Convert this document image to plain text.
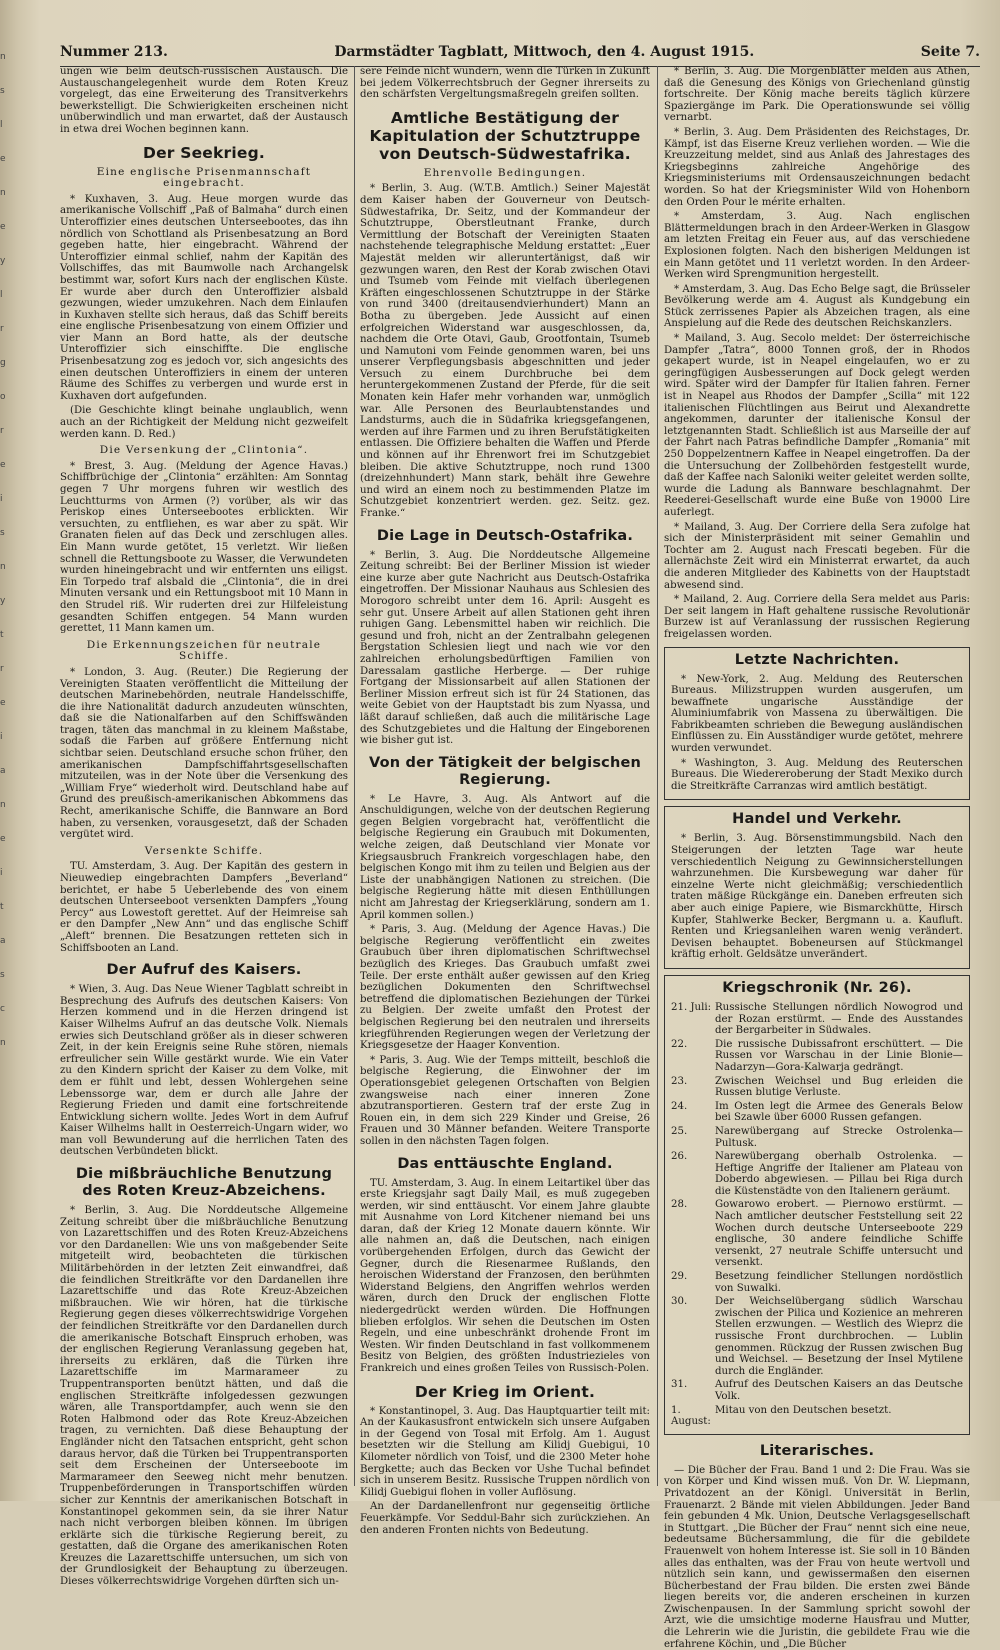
n
s
l
e
n
e
y
l
r
g
o
r
e
i
s
n
y
t
r
e
i
a
n
e
i
t
a
s
c
n
Nummer 213.	Darmstädter Tagblatt, Mittwoch, den 4. August 1915.	Seite 7.

ungen wie beim deutsch-russischen Austausch. Die Austauschangelegenheit wurde dem Roten Kreuz vorgelegt, das eine Erweiterung des Transitverkehrs bewerkstelligt. Die Schwierigkeiten erscheinen nicht unüberwindlich und man erwartet, daß der Austausch in etwa drei Wochen beginnen kann.

Der Seekrieg.
Eine englische Prisenmannschaft eingebracht.

* Kuxhaven, 3. Aug. Heue morgen wurde das amerikanische Vollschiff „Paß of Balmaha“ durch einen Unteroffizier eines deutschen Unterseebootes, das ihn nördlich von Schottland als Prisenbesatzung an Bord gegeben hatte, hier eingebracht. Während der Unteroffizier einmal schlief, nahm der Kapitän des Vollschiffes, das mit Baumwolle nach Archangelsk bestimmt war, sofort Kurs nach der englischen Küste. Er wurde aber durch den Unteroffizier alsbald gezwungen, wieder umzukehren. Nach dem Einlaufen in Kuxhaven stellte sich heraus, daß das Schiff bereits eine englische Prisenbesatzung von einem Offizier und vier Mann an Bord hatte, als der deutsche Unteroffizier sich einschiffte. Die englische Prisenbesatzung zog es jedoch vor, sich angesichts des einen deutschen Unteroffiziers in einem der unteren Räume des Schiffes zu verbergen und wurde erst in Kuxhaven dort aufgefunden.

(Die Geschichte klingt beinahe unglaublich, wenn auch an der Richtigkeit der Meldung nicht gezweifelt werden kann. D. Red.)

Die Versenkung der „Clintonia“.

* Brest, 3. Aug. (Meldung der Agence Havas.) Schiffbrüchige der „Clintonia“ erzählten: Am Sonntag gegen 7 Uhr morgens fuhren wir westlich des Leuchtturms von Armen (?) vorüber, als wir das Periskop eines Unterseebootes erblickten. Wir versuchten, zu entfliehen, es war aber zu spät. Wir Granaten fielen auf das Deck und zerschlugen alles. Ein Mann wurde getötet, 15 verletzt. Wir ließen schnell die Rettungsboote zu Wasser, die Verwundeten wurden hineingebracht und wir entfernten uns eiligst. Ein Torpedo traf alsbald die „Clintonia“, die in drei Minuten versank und ein Rettungsboot mit 10 Mann in den Strudel riß. Wir ruderten drei zur Hilfeleistung gesandten Schiffen entgegen. 54 Mann wurden gerettet, 11 Mann kamen um.

Die Erkennungszeichen für neutrale Schiffe.

* London, 3. Aug. (Reuter.) Die Regierung der Vereinigten Staaten veröffentlicht die Mitteilung der deutschen Marinebehörden, neutrale Handelsschiffe, die ihre Nationalität dadurch anzudeuten wünschten, daß sie die Nationalfarben auf den Schiffswänden tragen, täten das manchmal in zu kleinem Maßstabe, sodaß die Farben auf größere Entfernung nicht sichtbar seien. Deutschland ersuche schon früher, den amerikanischen Dampfschiffahrtsgesellschaften mitzuteilen, was in der Note über die Versenkung des „William Frye“ wiederholt wird. Deutschland habe auf Grund des preußisch-amerikanischen Abkommens das Recht, amerikanische Schiffe, die Bannware an Bord haben, zu versenken, vorausgesetzt, daß der Schaden vergütet wird.

Versenkte Schiffe.

TU. Amsterdam, 3. Aug. Der Kapitän des gestern in Nieuwediep eingebrachten Dampfers „Beverland“ berichtet, er habe 5 Ueberlebende des von einem deutschen Unterseeboot versenkten Dampfers „Young Percy“ aus Lowestoft gerettet. Auf der Heimreise sah er den Dampfer „New Ann“ und das englische Schiff „Aleft“ brennen. Die Besatzungen retteten sich in Schiffsbooten an Land.

Der Aufruf des Kaisers.

* Wien, 3. Aug. Das Neue Wiener Tagblatt schreibt in Besprechung des Aufrufs des deutschen Kaisers: Von Herzen kommend und in die Herzen dringend ist Kaiser Wilhelms Aufruf an das deutsche Volk. Niemals erwies sich Deutschland größer als in dieser schweren Zeit, in der kein Ereignis seine Ruhe stören, niemals erfreulicher sein Wille gestärkt wurde. Wie ein Vater zu den Kindern spricht der Kaiser zu dem Volke, mit dem er fühlt und lebt, dessen Wohlergehen seine Lebenssorge war, dem er durch alle Jahre der Regierung Frieden und damit eine fortschreitende Entwicklung sichern wollte. Jedes Wort in dem Aufruf Kaiser Wilhelms hallt in Oesterreich-Ungarn wider, wo man voll Bewunderung auf die herrlichen Taten des deutschen Verbündeten blickt.

Die mißbräuchliche Benutzung des Roten Kreuz-Abzeichens.

* Berlin, 3. Aug. Die Norddeutsche Allgemeine Zeitung schreibt über die mißbräuchliche Benutzung von Lazarettschiffen und des Roten Kreuz-Abzeichens vor den Dardanellen: Wie uns von maßgebender Seite mitgeteilt wird, beobachteten die türkischen Militärbehörden in der letzten Zeit einwandfrei, daß die feindlichen Streitkräfte vor den Dardanellen ihre Lazarettschiffe und das Rote Kreuz-Abzeichen mißbrauchen. Wie wir hören, hat die türkische Regierung gegen dieses völkerrechtswidrige Vorgehen der feindlichen Streitkräfte vor den Dardanellen durch die amerikanische Botschaft Einspruch erhoben, was der englischen Regierung Veranlassung gegeben hat, ihrerseits zu erklären, daß die Türken ihre Lazarettschiffe im Marmarameer zu Truppentransporten benützt hätten, und daß die englischen Streitkräfte infolgedessen gezwungen wären, alle Transportdampfer, auch wenn sie den Roten Halbmond oder das Rote Kreuz-Abzeichen tragen, zu vernichten. Daß diese Behauptung der Engländer nicht den Tatsachen entspricht, geht schon daraus hervor, daß die Türken bei Truppentransporten seit dem Erscheinen der Unterseeboote im Marmarameer den Seeweg nicht mehr benutzen. Truppenbeförderungen in Transportschiffen würden sicher zur Kenntnis der amerikanischen Botschaft in Konstantinopel gekommen sein, da sie ihrer Natur nach nicht verborgen bleiben können. Im übrigen erklärte sich die türkische Regierung bereit, zu gestatten, daß die Organe des amerikanischen Roten Kreuzes die Lazarettschiffe untersuchen, um sich von der Grundlosigkeit der Behauptung zu überzeugen. Dieses völkerrechtswidrige Vorgehen dürften sich un-

sere Feinde nicht wundern, wenn die Türken in Zukunft bei jedem Völkerrechtsbruch der Gegner ihrerseits zu den schärfsten Vergeltungsmaßregeln greifen sollten.

Amtliche Bestätigung der Kapitulation der Schutztruppe von Deutsch-Südwestafrika.
Ehrenvolle Bedingungen.

* Berlin, 3. Aug. (W.T.B. Amtlich.) Seiner Majestät dem Kaiser haben der Gouverneur von Deutsch-Südwestafrika, Dr. Seitz, und der Kommandeur der Schutztruppe, Oberstleutnant Franke, durch Vermittlung der Botschaft der Vereinigten Staaten nachstehende telegraphische Meldung erstattet: „Euer Majestät melden wir alleruntertänigst, daß wir gezwungen waren, den Rest der Korab zwischen Otavi und Tsumeb vom Feinde mit vielfach überlegenen Kräften eingeschlossenen Schutztruppe in der Stärke von rund 3400 (dreitausendvierhundert) Mann an Botha zu übergeben. Jede Aussicht auf einen erfolgreichen Widerstand war ausgeschlossen, da, nachdem die Orte Otavi, Gaub, Grootfontain, Tsumeb und Namutoni vom Feinde genommen waren, bei uns unserer Verpflegungsbasis abgeschnitten und jeder Versuch zu einem Durchbruche bei dem heruntergekommenen Zustand der Pferde, für die seit Monaten kein Hafer mehr vorhanden war, unmöglich war. Alle Personen des Beurlaubtenstandes und Landsturms, auch die in Südafrika kriegsgefangenen, werden auf ihre Farmen und zu ihren Berufstätigkeiten entlassen. Die Offiziere behalten die Waffen und Pferde und können auf ihr Ehrenwort frei im Schutzgebiet bleiben. Die aktive Schutztruppe, noch rund 1300 (dreizehnhundert) Mann stark, behält ihre Gewehre und wird an einem noch zu bestimmenden Platze im Schutzgebiet konzentriert werden. gez. Seitz. gez. Franke.“

Die Lage in Deutsch-Ostafrika.

* Berlin, 3. Aug. Die Norddeutsche Allgemeine Zeitung schreibt: Bei der Berliner Mission ist wieder eine kurze aber gute Nachricht aus Deutsch-Ostafrika eingetroffen. Der Missionar Nauhaus aus Schlesien des Morogoro schreibt unter dem 16. April: Ausgeht es sehr gut. Unsere Arbeit auf allen Stationen geht ihren ruhigen Gang. Lebensmittel haben wir reichlich. Die gesund und froh, nicht an der Zentralbahn gelegenen Bergstation Schlesien liegt und nach wie vor den zahlreichen erholungsbedürftigen Familien von Daressalam gastliche Herberge. — Der ruhige Fortgang der Missionsarbeit auf allen Stationen der Berliner Mission erfreut sich ist für 24 Stationen, das weite Gebiet von der Hauptstadt bis zum Nyassa, und läßt darauf schließen, daß auch die militärische Lage des Schutzgebietes und die Haltung der Eingeborenen wie bisher gut ist.

Von der Tätigkeit der belgischen Regierung.

* Le Havre, 3. Aug. Als Antwort auf die Anschuldigungen, welche von der deutschen Regierung gegen Belgien vorgebracht hat, veröffentlicht die belgische Regierung ein Graubuch mit Dokumenten, welche zeigen, daß Deutschland vier Monate vor Kriegsausbruch Frankreich vorgeschlagen habe, den belgischen Kongo mit ihm zu teilen und Belgien aus der Liste der unabhängigen Nationen zu streichen. (Die belgische Regierung hätte mit diesen Enthüllungen nicht am Jahrestag der Kriegserklärung, sondern am 1. April kommen sollen.)

* Paris, 3. Aug. (Meldung der Agence Havas.) Die belgische Regierung veröffentlicht ein zweites Graubuch über ihren diplomatischen Schriftwechsel bezüglich des Krieges. Das Graubuch umfaßt zwei Teile. Der erste enthält außer gewissen auf den Krieg bezüglichen Dokumenten den Schriftwechsel betreffend die diplomatischen Beziehungen der Türkei zu Belgien. Der zweite umfaßt den Protest der belgischen Regierung bei den neutralen und ihrerseits kriegführenden Regierungen wegen der Verletzung der Kriegsgesetze der Haager Konvention.

* Paris, 3. Aug. Wie der Temps mitteilt, beschloß die belgische Regierung, die Einwohner der im Operationsgebiet gelegenen Ortschaften von Belgien zwangsweise nach einer inneren Zone abzutransportieren. Gestern traf der erste Zug in Rouen ein, in dem sich 229 Kinder und Greise, 26 Frauen und 30 Männer befanden. Weitere Transporte sollen in den nächsten Tagen folgen.

Das enttäuschte England.

TU. Amsterdam, 3. Aug. In einem Leitartikel über das erste Kriegsjahr sagt Daily Mail, es muß zugegeben werden, wir sind enttäuscht. Vor einem Jahre glaubte mit Ausnahme von Lord Kitchener niemand bei uns daran, daß der Krieg 12 Monate dauern könnte. Wir alle nahmen an, daß die Deutschen, nach einigen vorübergehenden Erfolgen, durch das Gewicht der Gegner, durch die Riesenarmee Rußlands, den heroischen Widerstand der Franzosen, den berühmten Widerstand Belgiens, den Angriffen wehrlos werden wären, durch den Druck der englischen Flotte niedergedrückt werden würden. Die Hoffnungen blieben erfolglos. Wir sehen die Deutschen im Osten Regeln, und eine unbeschränkt drohende Front im Westen. Wir finden Deutschland in fast vollkommenem Besitz von Belgien, des größten Industriezieles von Frankreich und eines großen Teiles von Russisch-Polen.

Der Krieg im Orient.

* Konstantinopel, 3. Aug. Das Hauptquartier teilt mit: An der Kaukasusfront entwickeln sich unsere Aufgaben in der Gegend von Tosal mit Erfolg. Am 1. August besetzten wir die Stellung am Kilidj Guebigui, 10 Kilometer nördlich von Toisf, und die 2300 Meter hohe Bergkette; auch das Becken vor Ushe Tuchal befindet sich in unserem Besitz. Russische Truppen nördlich von Kilidj Guebigui flohen in voller Auflösung.

An der Dardanellenfront nur gegenseitig örtliche Feuerkämpfe. Vor Seddul-Bahr sich zurückziehen. An den anderen Fronten nichts von Bedeutung.

* Berlin, 3. Aug. Die Morgenblätter melden aus Athen, daß die Genesung des Königs von Griechenland günstig fortschreite. Der König mache bereits täglich kürzere Spaziergänge im Park. Die Operationswunde sei völlig vernarbt.

* Berlin, 3. Aug. Dem Präsidenten des Reichstages, Dr. Kämpf, ist das Eiserne Kreuz verliehen worden. — Wie die Kreuzzeitung meldet, sind aus Anlaß des Jahrestages des Kriegsbeginns zahlreiche Angehörige des Kriegsministeriums mit Ordensauszeichnungen bedacht worden. So hat der Kriegsminister Wild von Hohenborn den Orden Pour le mérite erhalten.

* Amsterdam, 3. Aug. Nach englischen Blättermeldungen brach in den Ardeer-Werken in Glasgow am letzten Freitag ein Feuer aus, auf das verschiedene Explosionen folgten. Nach den bisherigen Meldungen ist ein Mann getötet und 11 verletzt worden. In den Ardeer-Werken wird Sprengmunition hergestellt.

* Amsterdam, 3. Aug. Das Echo Belge sagt, die Brüsseler Bevölkerung werde am 4. August als Kundgebung ein Stück zerrissenes Papier als Abzeichen tragen, als eine Anspielung auf die Rede des deutschen Reichskanzlers.

* Mailand, 3. Aug. Secolo meldet: Der österreichische Dampfer „Tatra“, 8000 Tonnen groß, der in Rhodos gekapert wurde, ist in Neapel eingelaufen, wo er zu geringfügigen Ausbesserungen auf Dock gelegt werden wird. Später wird der Dampfer für Italien fahren. Ferner ist in Neapel aus Rhodos der Dampfer „Scilla“ mit 122 italienischen Flüchtlingen aus Beirut und Alexandrette angekommen, darunter der italienische Konsul der letztgenannten Stadt. Schließlich ist aus Marseille der auf der Fahrt nach Patras befindliche Dampfer „Romania“ mit 250 Doppelzentnern Kaffee in Neapel eingetroffen. Da der die Untersuchung der Zollbehörden festgestellt wurde, daß der Kaffee nach Saloniki weiter geleitet werden sollte, wurde die Ladung als Bannware beschlagnahmt. Der Reederei-Gesellschaft wurde eine Buße von 19000 Lire auferlegt.

* Mailand, 3. Aug. Der Corriere della Sera zufolge hat sich der Ministerpräsident mit seiner Gemahlin und Tochter am 2. August nach Frescati begeben. Für die allernächste Zeit wird ein Ministerrat erwartet, da auch die anderen Mitglieder des Kabinetts von der Hauptstadt abwesend sind.

* Mailand, 2. Aug. Corriere della Sera meldet aus Paris: Der seit langem in Haft gehaltene russische Revolutionär Burzew ist auf Veranlassung der russischen Regierung freigelassen worden.

Letzte Nachrichten.

* New-York, 2. Aug. Meldung des Reuterschen Bureaus. Milizstruppen wurden ausgerufen, um bewaffnete ungarische Ausständige der Aluminiumfabrik von Massena zu überwältigen. Die Fabrikbeamten schrieben die Bewegung ausländischen Einflüssen zu. Ein Ausständiger wurde getötet, mehrere wurden verwundet.

* Washington, 3. Aug. Meldung des Reuterschen Bureaus. Die Wiedereroberung der Stadt Mexiko durch die Streitkräfte Carranzas wird amtlich bestätigt.

Handel und Verkehr.

* Berlin, 3. Aug. Börsenstimmungsbild. Nach den Steigerungen der letzten Tage war heute verschiedentlich Neigung zu Gewinnsicherstellungen wahrzunehmen. Die Kursbewegung war daher für einzelne Werte nicht gleichmäßig; verschiedentlich traten mäßige Rückgänge ein. Daneben erfreuten sich aber auch einige Papiere, wie Bismarckhütte, Hirsch Kupfer, Stahlwerke Becker, Bergmann u. a. Kaufluft. Renten und Kriegsanleihen waren wenig verändert. Devisen behauptet. Bobeneursen auf Stückmangel kräftig erholt. Geldsätze unverändert.

Kriegschronik (Nr. 26).
21. Juli: Russische Stellungen nördlich Nowogrod und der Rozan erstürmt. — Ende des Ausstandes der Bergarbeiter in Südwales.
22.	Die russische Dubissafront erschüttert. — Die Russen vor Warschau in der Linie Blonie—Nadarzyn—Gora-Kalwarja gedrängt.
23.	Zwischen Weichsel und Bug erleiden die Russen blutige Verluste.
24.	Im Osten legt die Armee des Generals Below bei Szawle über 6000 Russen gefangen.
25.	Narewübergang auf Strecke Ostrolenka—Pultusk.
26.	Narewübergang oberhalb Ostrolenka. — Heftige Angriffe der Italiener am Plateau von Doberdo abgewiesen. — Pillau bei Riga durch die Küstenstädte von den Italienern geräumt.
28.	Gowarowo erobert. — Piernowo erstürmt. — Nach amtlicher deutscher Feststellung seit 22 Wochen durch deutsche Unterseeboote 229 englische, 30 andere feindliche Schiffe versenkt, 27 neutrale Schiffe untersucht und versenkt.
29.	Besetzung feindlicher Stellungen nordöstlich von Suwalki.
30.	Der Weichselübergang südlich Warschau zwischen der Pilica und Kozienice an mehreren Stellen erzwungen. — Westlich des Wieprz die russische Front durchbrochen. — Lublin genommen. Rückzug der Russen zwischen Bug und Weichsel. — Besetzung der Insel Mytilene durch die Engländer.
31.	Aufruf des Deutschen Kaisers an das Deutsche Volk.
1. August:
Mitau von den Deutschen besetzt.
Literarisches.

— Die Bücher der Frau. Band 1 und 2: Die Frau. Was sie von Körper und Kind wissen muß. Von Dr. W. Liepmann, Privatdozent an der Königl. Universität in Berlin, Frauenarzt. 2 Bände mit vielen Abbildungen. Jeder Band fein gebunden 4 Mk. Union, Deutsche Verlagsgesellschaft in Stuttgart. „Die Bücher der Frau“ nennt sich eine neue, bedeutsame Büchersammlung, die für die gebildete Frauenwelt von hohem Interesse ist. Sie soll in 10 Bänden alles das enthalten, was der Frau von heute wertvoll und nützlich sein kann, und gewissermaßen den eisernen Bücherbestand der Frau bilden. Die ersten zwei Bände liegen bereits vor, die anderen erscheinen in kurzen Zwischenpausen. In der Sammlung spricht sowohl der Arzt, wie die umsichtige moderne Hausfrau und Mutter, die Lehrerin wie die Juristin, die gebildete Frau wie die erfahrene Köchin, und „Die Bücher
